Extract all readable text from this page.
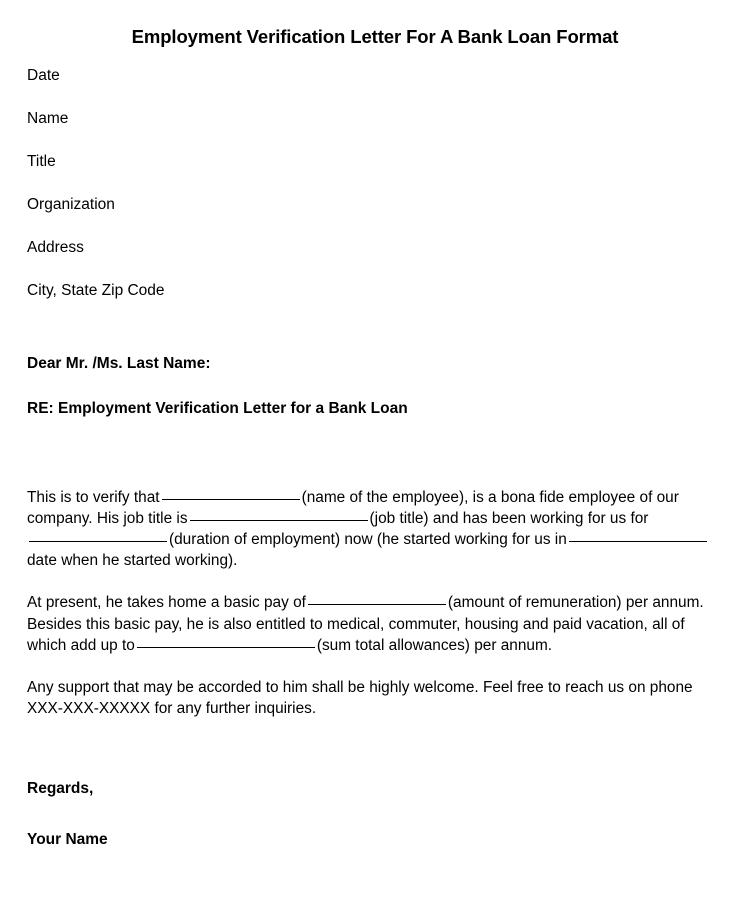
Employment Verification Letter For A Bank Loan Format

Date

Name

Title

Organization

Address

City, State Zip Code

Dear Mr. /Ms. Last Name:

RE: Employment Verification Letter for a Bank Loan

This is to verify that	(name of the employee), is a bona fide employee of our company. His job title is	(job title) and has been working for us for(duration of employment) now (he started working for us indate when he started working).

At present, he takes home a basic pay of	(amount of remuneration) per annum. Besides this basic pay, he is also entitled to medical, commuter, housing and paid vacation, all of which add up to	(sum total allowances) per annum.

Any support that may be accorded to him shall be highly welcome. Feel free to reach us on phone XXX-XXX-XXXXX for any further inquiries.

Regards,

Your Name
